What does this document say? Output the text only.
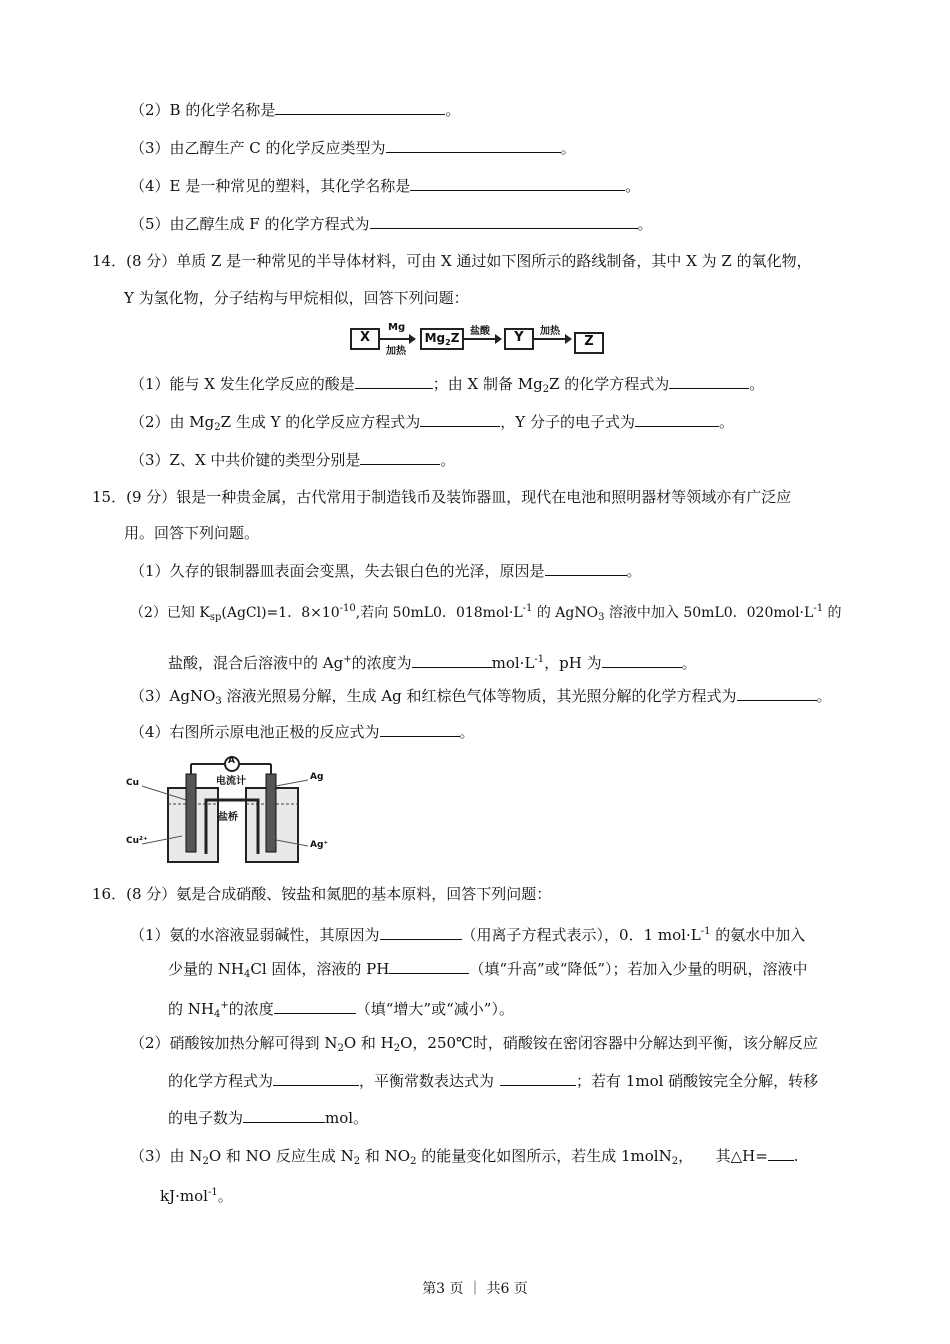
（2）B 的化学名称是	。
（3）由乙醇生产 C 的化学反应类型为	。
（4）E 是一种常见的塑料，其化学名称是	。
（5）由乙醇生成 F 的化学方程式为	。
14．(8 分）单质 Z 是一种常见的半导体材料，可由 X 通过如下图所示的路线制备，其中 X 为 Z 的氧化物，
Y 为氢化物，分子结构与甲烷相似，回答下列问题：
X
Mg
加热
$Mg_2Z$	盐酸	Y	加热
Z
（1）能与 X 发生化学反应的酸是	；由 X 制备 $Mg_2Z$ 的化学方程式为	。
（2）由 $Mg_2Z$ 生成 Y 的化学反应方程式为	，Y 分子的电子式为	。
（3）Z、X 中共价键的类型分别是	。
15．(9 分）银是一种贵金属，古代常用于制造钱币及装饰器皿，现代在电池和照明器材等领域亦有广泛应
用。回答下列问题。
（1）久存的银制器皿表面会变黑，失去银白色的光泽，原因是	。
（2）已知 $K_{sp}(AgCl)=1$．$8\times 10^{-10}$,若向 50mL0．$018mol\cdot L^{-1}$ 的 AgNO$_3$ 溶液中加入 50mL0．$020mol\cdot L^{-1}$ 的
盐酸，混合后溶液中的 Ag+的浓度为	$mol\cdot L^{-1}$，pH 为	。
（3）AgNO$_3$ 溶液光照易分解，生成 Ag 和红棕色气体等物质，其光照分解的化学方程式为	。
（4）右图所示原电池正极的反应式为	。
A
电流计
盐桥
Cu
Cu²⁺
Ag
Ag⁺
16．(8 分）氨是合成硝酸、铵盐和氮肥的基本原料，回答下列问题：
（1）氨的水溶液显弱碱性，其原因为	（用离子方程式表示），0．1 $mol\cdot L^{-1}$ 的氨水中加入
少量的 $NH_4Cl$ 固体，溶液的 PH	（填“升高”或“降低”）；若加入少量的明矾，溶液中
的 $NH_4^+$的浓度	（填“增大”或“减小”）。
（2）硝酸铵加热分解可得到 $N_2O$ 和 $H_2O$，250℃时，硝酸铵在密闭容器中分解达到平衡，该分解反应
的化学方程式为	，平衡常数表达式为	；若有 1mol 硝酸铵完全分解，转移
的电子数为	mol。
（3）由 $N_2O$ 和 NO 反应生成 $N_2$ 和 $NO_2$ 的能量变化如图所示，若生成 1molN$_2$，　　其△H= .
kJ·mol$^{-1}$。
第3 页 ｜ 共6 页
